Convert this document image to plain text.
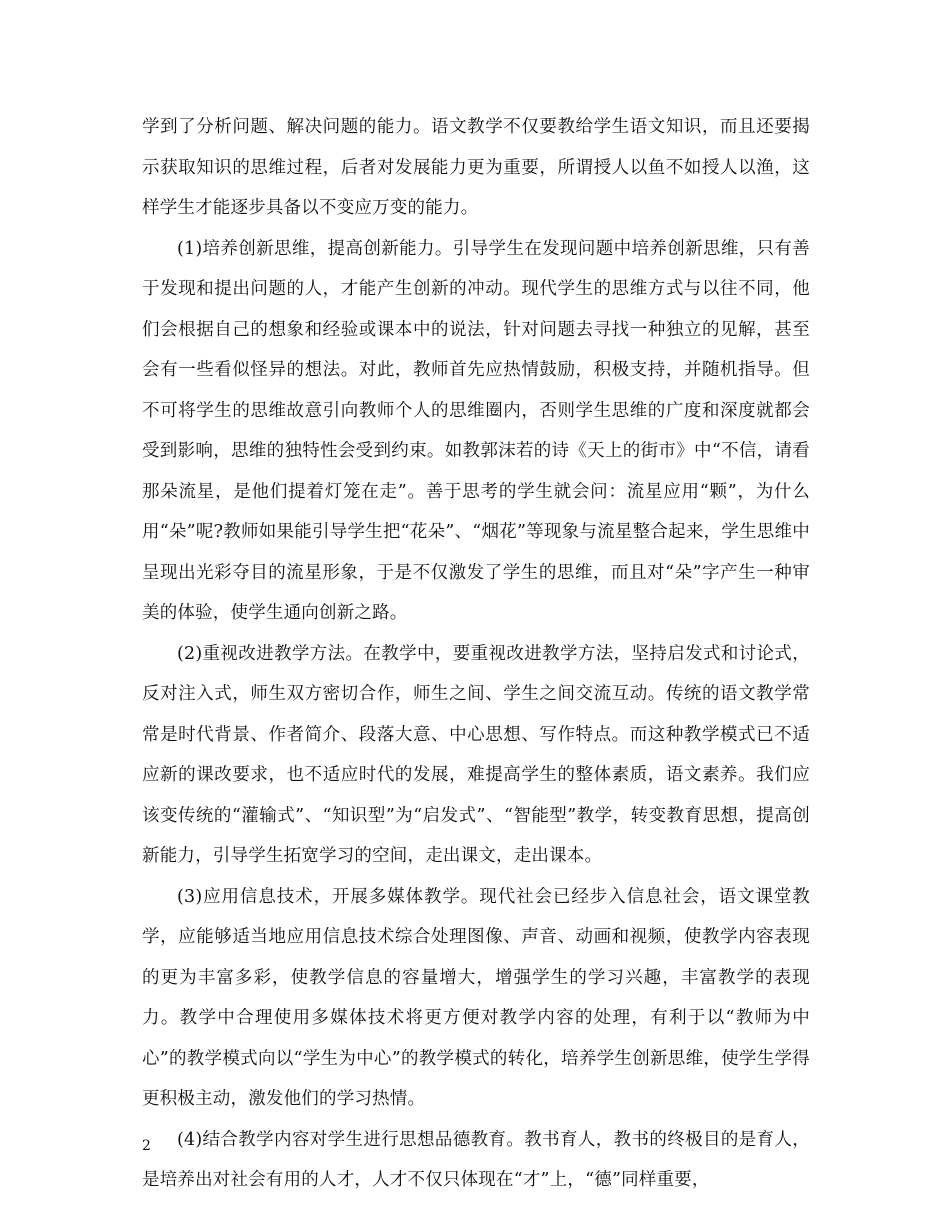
学到了分析问题、解决问题的能力。语文教学不仅要教给学生语文知识，而且还要揭示获取知识的思维过程，后者对发展能力更为重要，所谓授人以鱼不如授人以渔，这样学生才能逐步具备以不变应万变的能力。

(1)培养创新思维，提高创新能力。引导学生在发现问题中培养创新思维，只有善于发现和提出问题的人，才能产生创新的冲动。现代学生的思维方式与以往不同，他们会根据自己的想象和经验或课本中的说法，针对问题去寻找一种独立的见解，甚至会有一些看似怪异的想法。对此，教师首先应热情鼓励，积极支持，并随机指导。但不可将学生的思维故意引向教师个人的思维圈内，否则学生思维的广度和深度就都会受到影响，思维的独特性会受到约束。如教郭沫若的诗《天上的街市》中“不信，请看那朵流星，是他们提着灯笼在走”。善于思考的学生就会问：流星应用“颗”，为什么用“朵”呢?教师如果能引导学生把“花朵”、“烟花”等现象与流星整合起来，学生思维中呈现出光彩夺目的流星形象，于是不仅激发了学生的思维，而且对“朵”字产生一种审美的体验，使学生通向创新之路。

(2)重视改进教学方法。在教学中，要重视改进教学方法，坚持启发式和讨论式，反对注入式，师生双方密切合作，师生之间、学生之间交流互动。传统的语文教学常常是时代背景、作者简介、段落大意、中心思想、写作特点。而这种教学模式已不适应新的课改要求，也不适应时代的发展，难提高学生的整体素质，语文素养。我们应该变传统的“灌输式”、“知识型”为“启发式”、“智能型”教学，转变教育思想，提高创新能力，引导学生拓宽学习的空间，走出课文，走出课本。

(3)应用信息技术，开展多媒体教学。现代社会已经步入信息社会，语文课堂教学，应能够适当地应用信息技术综合处理图像、声音、动画和视频，使教学内容表现的更为丰富多彩，使教学信息的容量增大，增强学生的学习兴趣，丰富教学的表现力。教学中合理使用多媒体技术将更方便对教学内容的处理，有利于以“教师为中心”的教学模式向以“学生为中心”的教学模式的转化，培养学生创新思维，使学生学得更积极主动，激发他们的学习热情。

(4)结合教学内容对学生进行思想品德教育。教书育人，教书的终极目的是育人，是培养出对社会有用的人才，人才不仅只体现在“才”上，“德”同样重要，

2
